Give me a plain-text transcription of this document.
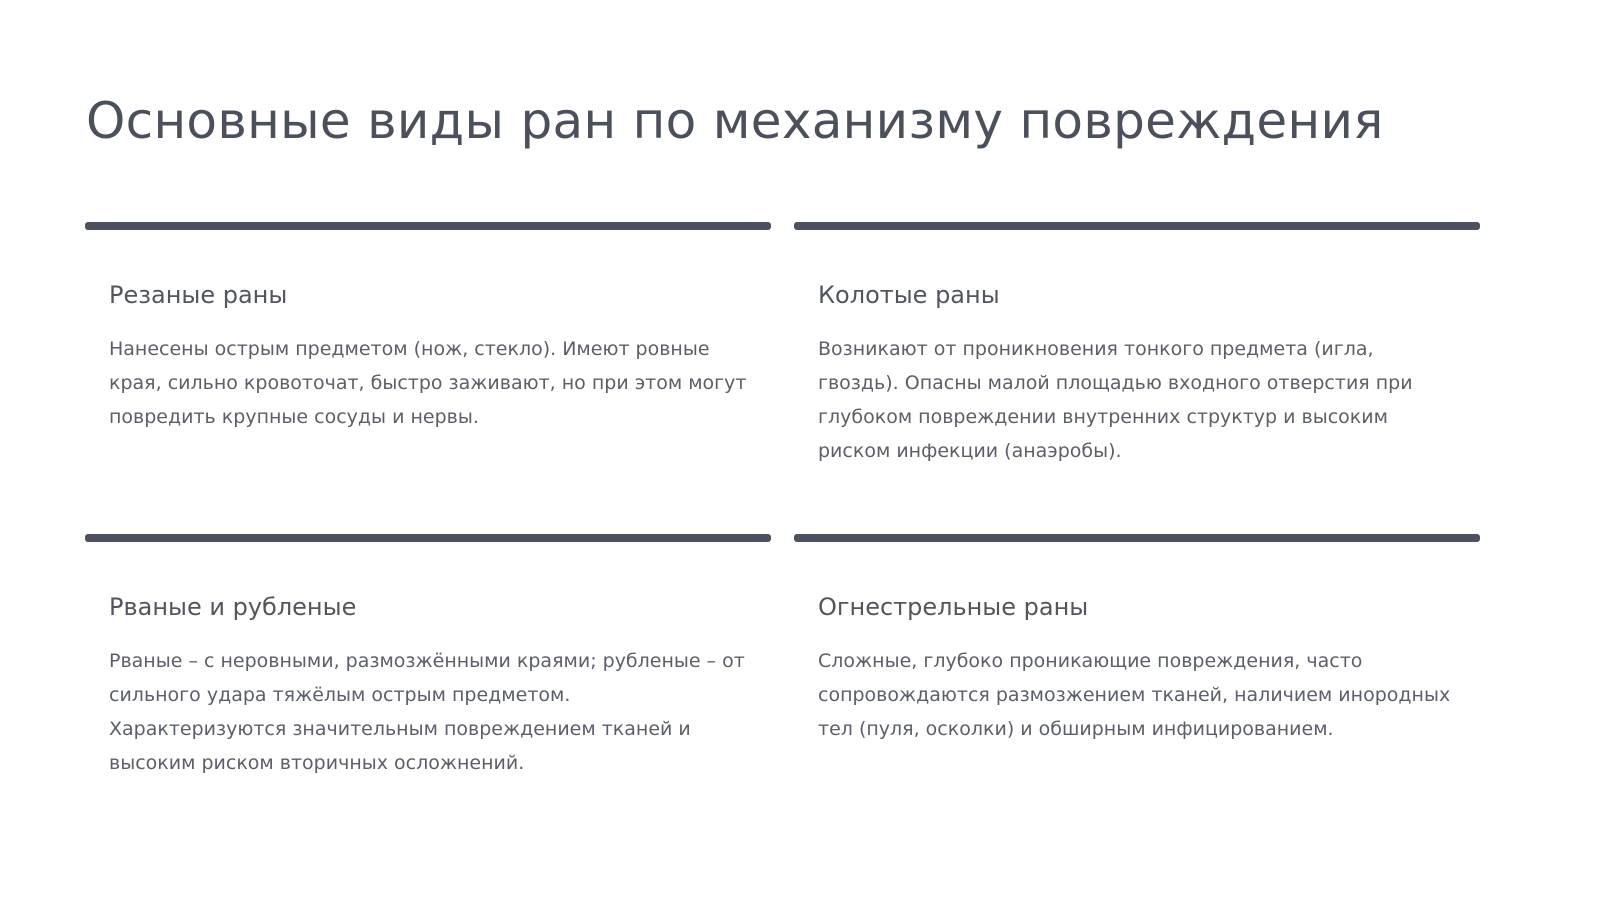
Основные виды ран по механизму повреждения
Резаные раны

Нанесены острым предметом (нож, стекло). Имеют ровные края, сильно кровоточат, быстро заживают, но при этом могут повредить крупные сосуды и нервы.

Колотые раны

Возникают от проникновения тонкого предмета (игла, гвоздь). Опасны малой площадью входного отверстия при глубоком повреждении внутренних структур и высоким риском инфекции (анаэробы).

Рваные и рубленые

Рваные – с неровными, размозжёнными краями; рубленые – от сильного удара тяжёлым острым предметом. Характеризуются значительным повреждением тканей и высоким риском вторичных осложнений.

Огнестрельные раны

Сложные, глубоко проникающие повреждения, часто сопровождаются размозжением тканей, наличием инородных тел (пуля, осколки) и обширным инфицированием.
